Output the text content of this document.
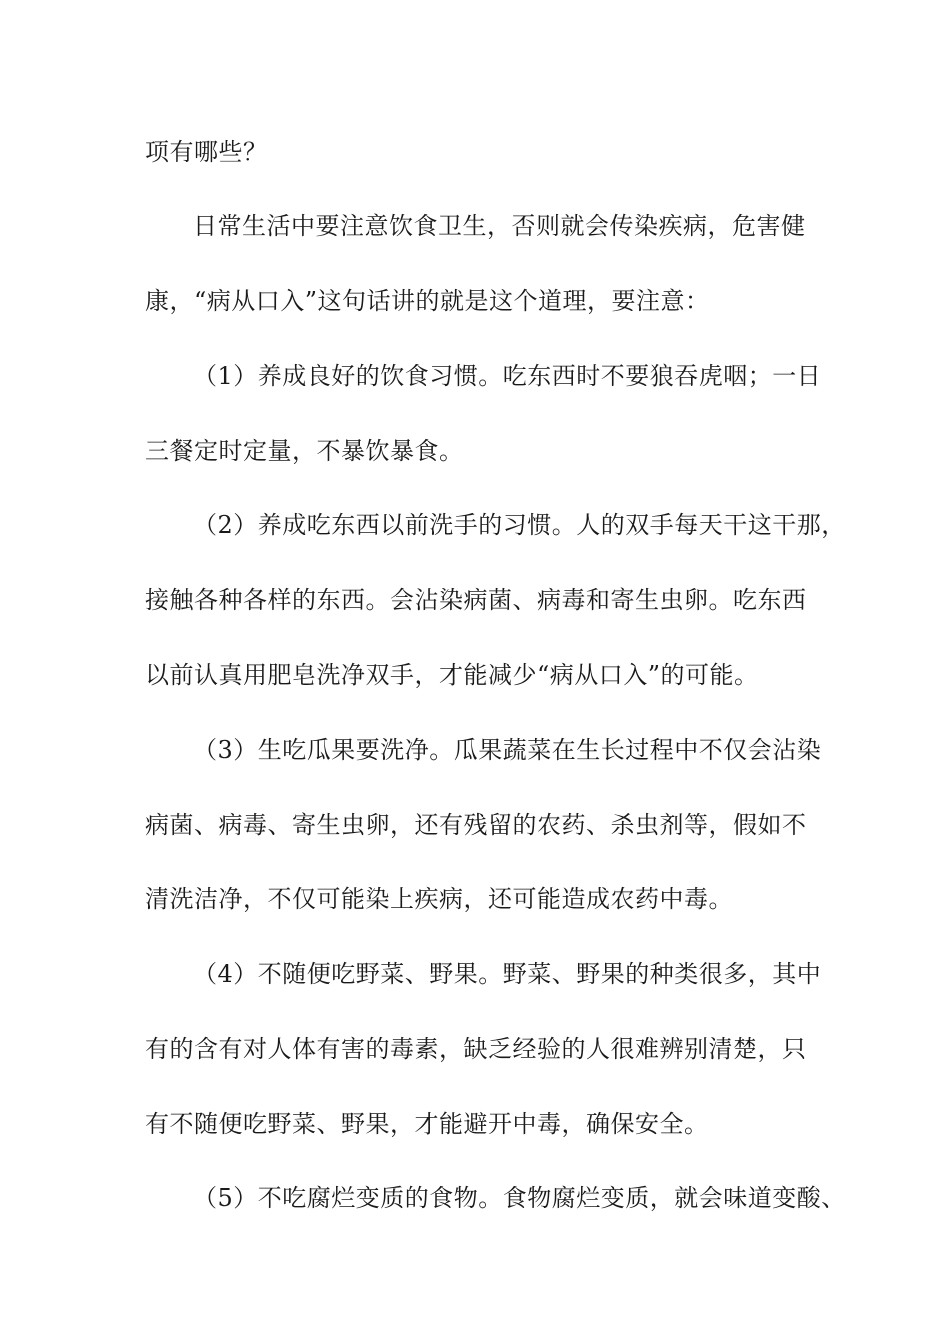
项有哪些？
日常生活中要注意饮食卫生，否则就会传染疾病，危害健
康，“病从口入”这句话讲的就是这个道理，要注意：
（1）养成良好的饮食习惯。吃东西时不要狼吞虎咽；一日
三餐定时定量，不暴饮暴食。
（2）养成吃东西以前洗手的习惯。人的双手每天干这干那，
接触各种各样的东西。会沾染病菌、病毒和寄生虫卵。吃东西
以前认真用肥皂洗净双手，才能减少“病从口入”的可能。
（3）生吃瓜果要洗净。瓜果蔬菜在生长过程中不仅会沾染
病菌、病毒、寄生虫卵，还有残留的农药、杀虫剂等，假如不
清洗洁净，不仅可能染上疾病，还可能造成农药中毒。
（4）不随便吃野菜、野果。野菜、野果的种类很多，其中
有的含有对人体有害的毒素，缺乏经验的人很难辨别清楚，只
有不随便吃野菜、野果，才能避开中毒，确保安全。
（5）不吃腐烂变质的食物。食物腐烂变质，就会味道变酸、
